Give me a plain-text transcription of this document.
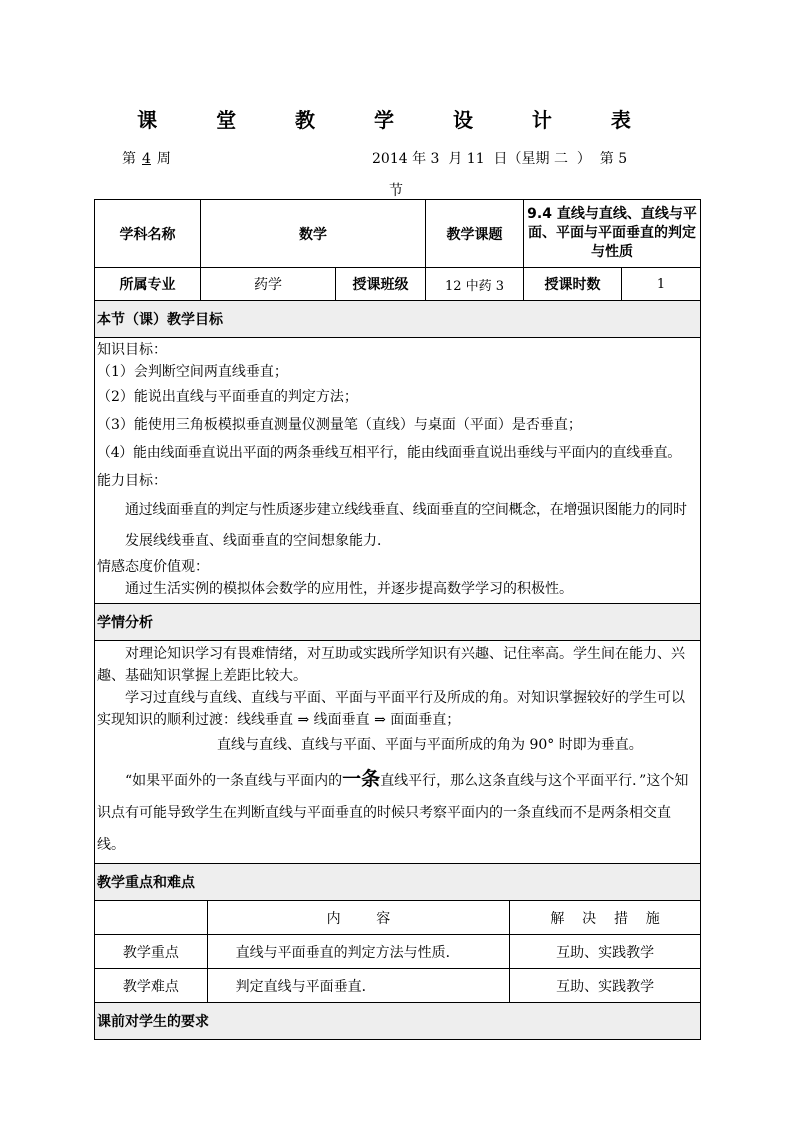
课 堂 教 学 设 计 表
第 4 周	2014 年 3  月 11  日（星期 二  ）  第 5
节
学科名称	数学	教学课题	9.4 直线与直线、直线与平面、平面与平面垂直的判定与性质
所属专业	药学	授课班级	12 中药 3	授课时数	1
本节（课）教学目标

知识目标：
（1）会判断空间两直线垂直；
（2）能说出直线与平面垂直的判定方法；
（3）能使用三角板模拟垂直测量仪测量笔（直线）与桌面（平面）是否垂直；
（4）能由线面垂直说出平面的两条垂线互相平行，能由线面垂直说出垂线与平面内的直线垂直。
能力目标：
通过线面垂直的判定与性质逐步建立线线垂直、线面垂直的空间概念，在增强识图能力的同时
发展线线垂直、线面垂直的空间想象能力．
情感态度价值观：
通过生活实例的模拟体会数学的应用性，并逐步提高数学学习的积极性。

学情分析

对理论知识学习有畏难情绪，对互助或实践所学知识有兴趣、记住率高。学生间在能力、兴趣、基础知识掌握上差距比较大。
学习过直线与直线、直线与平面、平面与平面平行及所成的角。对知识掌握较好的学生可以实现知识的顺利过渡：线线垂直 ⇒ 线面垂直 ⇒ 面面垂直；
直线与直线、直线与平面、平面与平面所成的角为 90° 时即为垂直。
“如果平面外的一条直线与平面内的一条直线平行，那么这条直线与这个平面平行．”这个知识点有可能导致学生在判断直线与平面垂直的时候只考察平面内的一条直线而不是两条相交直线。

教学重点和难点

	内        容	解    决    措    施
教学重点	直线与平面垂直的判定方法与性质．	互助、实践教学
教学难点	判定直线与平面垂直．	互助、实践教学

课前对学生的要求
